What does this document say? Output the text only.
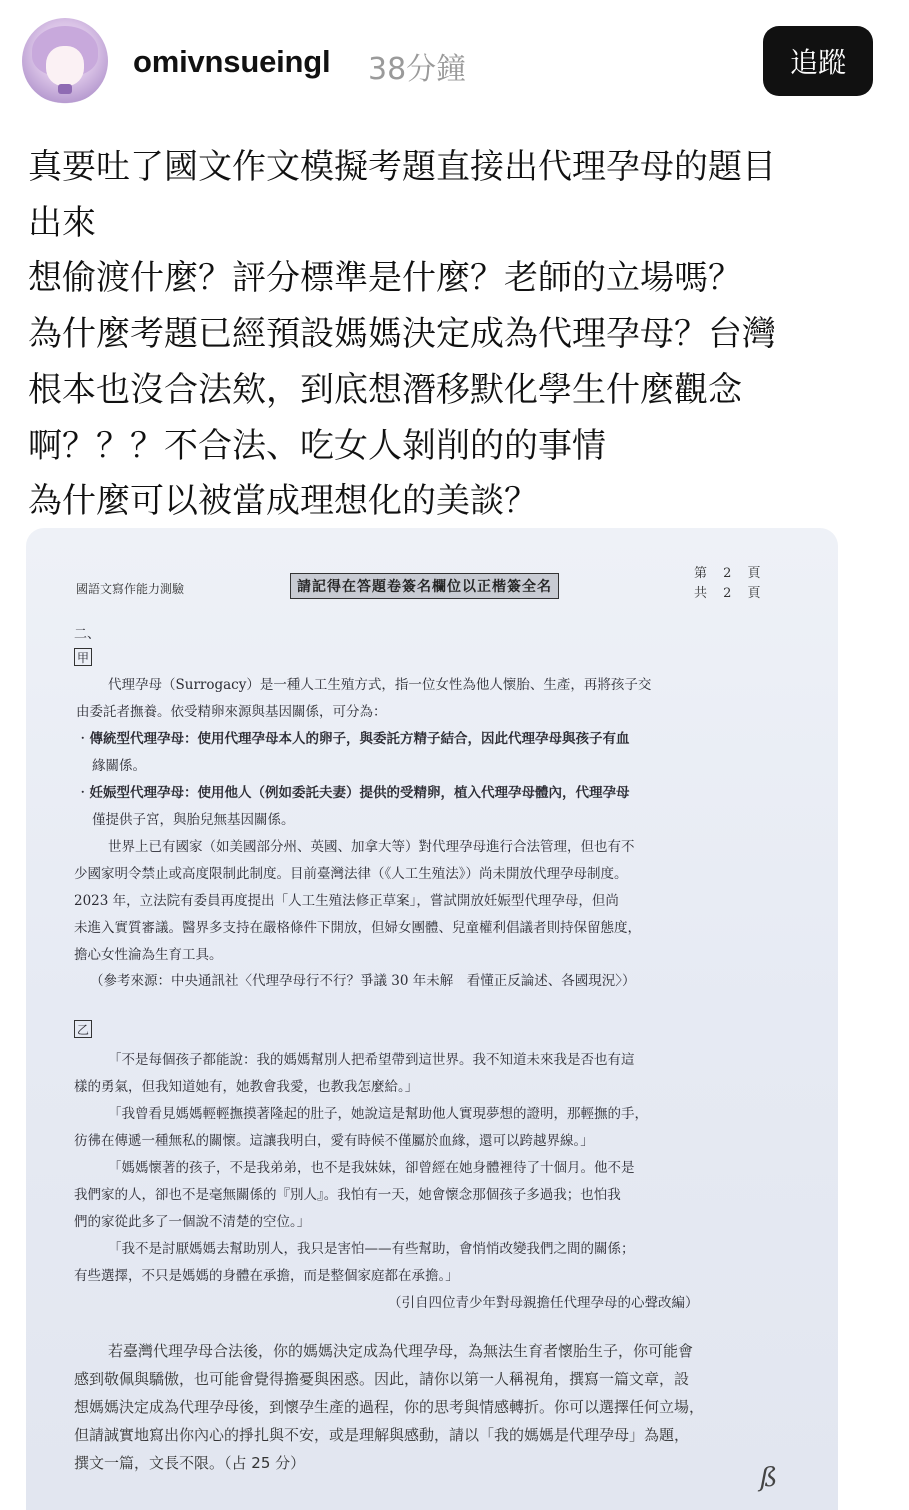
omivnsueingl 38分鐘	追蹤
真要吐了國文作文模擬考題直接出代理孕母的題目
出來
想偷渡什麼？評分標準是什麼？老師的立場嗎？
為什麼考題已經預設媽媽決定成為代理孕母？台灣
根本也沒合法欸，到底想潛移默化學生什麼觀念
啊？？？不合法、吃女人剝削的的事情
為什麼可以被當成理想化的美談？

國語文寫作能力測驗	請記得在答題卷簽名欄位以正楷簽全名
第 2 頁
共 2 頁
二、
甲
代理孕母（Surrogacy）是一種人工生殖方式，指一位女性為他人懷胎、生產，再將孩子交
由委託者撫養。依受精卵來源與基因關係，可分為：
‧傳統型代理孕母：使用代理孕母本人的卵子，與委託方精子結合，因此代理孕母與孩子有血
緣關係。
‧妊娠型代理孕母：使用他人（例如委託夫妻）提供的受精卵，植入代理孕母體內，代理孕母
僅提供子宮，與胎兒無基因關係。
世界上已有國家（如美國部分州、英國、加拿大等）對代理孕母進行合法管理，但也有不
少國家明令禁止或高度限制此制度。目前臺灣法律（《人工生殖法》）尚未開放代理孕母制度。
2023 年，立法院有委員再度提出「人工生殖法修正草案」，嘗試開放妊娠型代理孕母，但尚
未進入實質審議。醫界多支持在嚴格條件下開放，但婦女團體、兒童權利倡議者則持保留態度，
擔心女性淪為生育工具。
（參考來源：中央通訊社〈代理孕母行不行？爭議 30 年未解　看懂正反論述、各國現況〉）
乙
「不是每個孩子都能說：我的媽媽幫別人把希望帶到這世界。我不知道未來我是否也有這
樣的勇氣，但我知道她有，她教會我愛，也教我怎麼給。」
「我曾看見媽媽輕輕撫摸著隆起的肚子，她說這是幫助他人實現夢想的證明，那輕撫的手，
彷彿在傳遞一種無私的關懷。這讓我明白，愛有時候不僅屬於血緣，還可以跨越界線。」
「媽媽懷著的孩子，不是我弟弟，也不是我妹妹，卻曾經在她身體裡待了十個月。他不是
我們家的人，卻也不是毫無關係的『別人』。我怕有一天，她會懷念那個孩子多過我；也怕我
們的家從此多了一個說不清楚的空位。」
「我不是討厭媽媽去幫助別人，我只是害怕——有些幫助，會悄悄改變我們之間的關係；
有些選擇，不只是媽媽的身體在承擔，而是整個家庭都在承擔。」
（引自四位青少年對母親擔任代理孕母的心聲改編）
若臺灣代理孕母合法後，你的媽媽決定成為代理孕母，為無法生育者懷胎生子，你可能會
感到敬佩與驕傲，也可能會覺得擔憂與困惑。因此，請你以第一人稱視角，撰寫一篇文章，設
想媽媽決定成為代理孕母後，到懷孕生產的過程，你的思考與情感轉折。你可以選擇任何立場，
但請誠實地寫出你內心的掙扎與不安，或是理解與感動，請以「我的媽媽是代理孕母」為題，
撰文一篇，文長不限。（占 25 分）	ß
